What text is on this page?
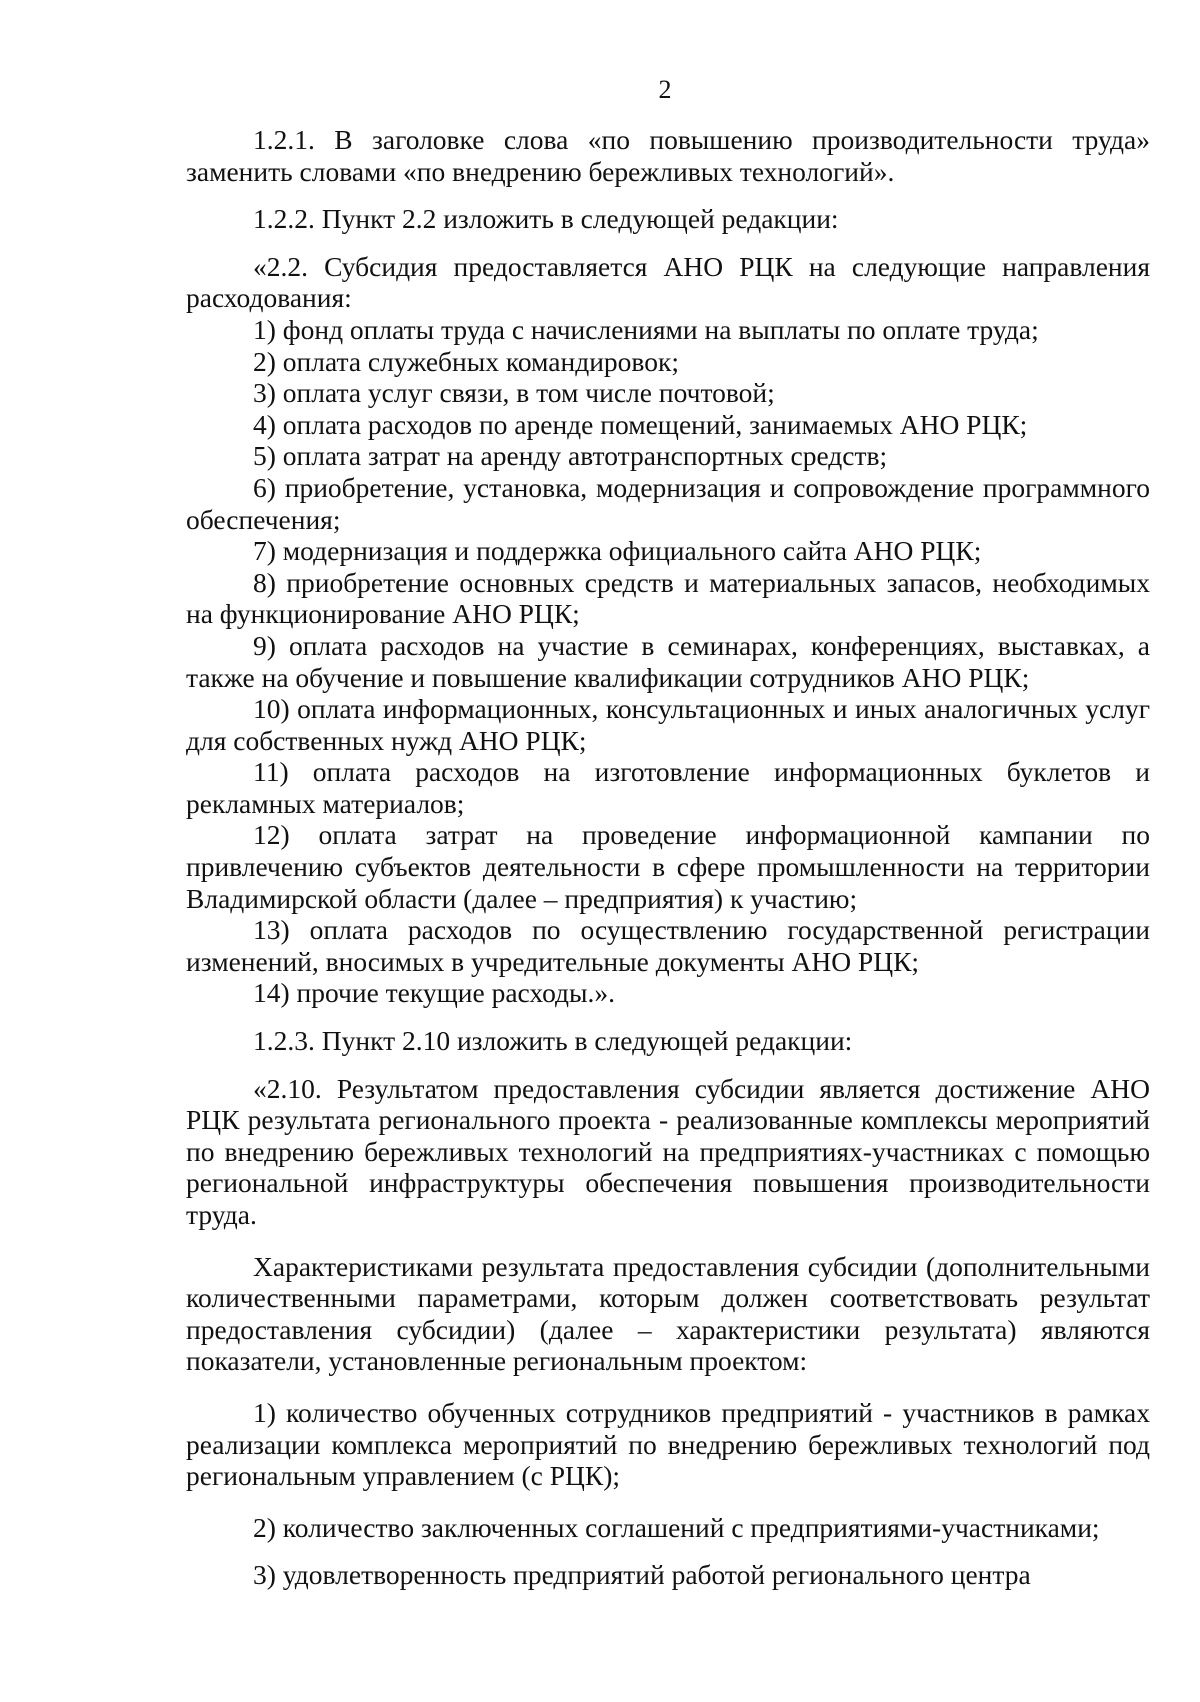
2

1.2.1. В заголовке слова «по повышению производительности труда» заменить словами «по внедрению бережливых технологий».

1.2.2. Пункт 2.2 изложить в следующей редакции:

«2.2. Субсидия предоставляется АНО РЦК на следующие направления расходования:

1) фонд оплаты труда с начислениями на выплаты по оплате труда;

2) оплата служебных командировок;

3) оплата услуг связи, в том числе почтовой;

4) оплата расходов по аренде помещений, занимаемых АНО РЦК;

5) оплата затрат на аренду автотранспортных средств;

6) приобретение, установка, модернизация и сопровождение программного обеспечения;

7) модернизация и поддержка официального сайта АНО РЦК;

8) приобретение основных средств и материальных запасов, необходимых на функционирование АНО РЦК;

9) оплата расходов на участие в семинарах, конференциях, выставках, а также на обучение и повышение квалификации сотрудников АНО РЦК;

10) оплата информационных, консультационных и иных аналогичных услуг для собственных нужд АНО РЦК;

11) оплата расходов на изготовление информационных буклетов и рекламных материалов;

12) оплата затрат на проведение информационной кампании по привлечению субъектов деятельности в сфере промышленности на территории Владимирской области (далее – предприятия) к участию;

13) оплата расходов по осуществлению государственной регистрации изменений, вносимых в учредительные документы АНО РЦК;

14) прочие текущие расходы.».

1.2.3. Пункт 2.10 изложить в следующей редакции:

«2.10. Результатом предоставления субсидии является достижение АНО РЦК результата регионального проекта - реализованные комплексы мероприятий по внедрению бережливых технологий на предприятиях-участниках с помощью региональной инфраструктуры обеспечения повышения производительности труда.

Характеристиками результата предоставления субсидии (дополнительными количественными параметрами, которым должен соответствовать результат предоставления субсидии) (далее – характеристики результата) являются показатели, установленные региональным проектом:

1) количество обученных сотрудников предприятий - участников в рамках реализации комплекса мероприятий по внедрению бережливых технологий под региональным управлением (с РЦК);

2) количество заключенных соглашений с предприятиями-участниками;

3) удовлетворенность предприятий работой регионального центра
